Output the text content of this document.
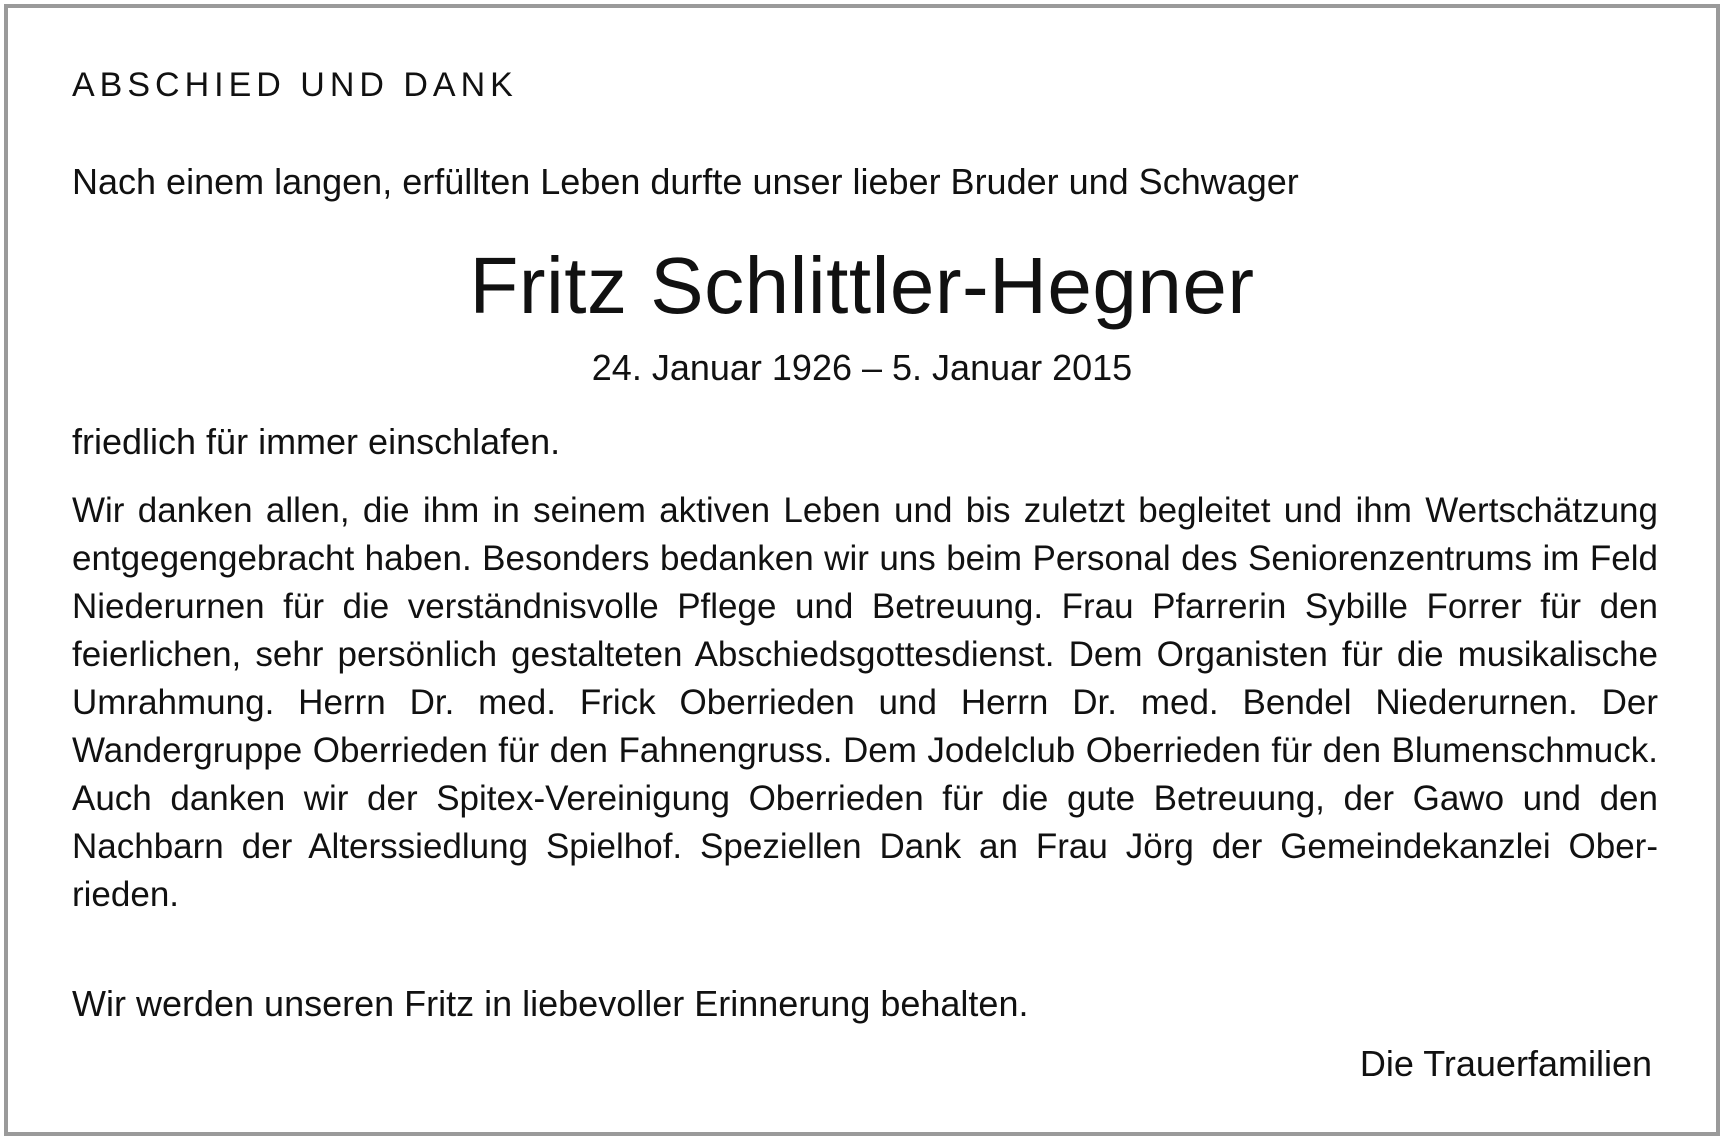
ABSCHIED UND DANK

Nach einem langen, erfüllten Leben durfte unser lieber Bruder und Schwager

Fritz Schlittler-Hegner

24. Januar 1926 – 5. Januar 2015

friedlich für immer einschlafen.

Wir danken allen, die ihm in seinem aktiven Leben und bis zuletzt begleitet und ihm Wertschätzung entgegengebracht haben. Besonders bedanken wir uns beim Personal des Seniorenzentrums im Feld Niederurnen für die verständnisvolle Pflege und Betreuung. Frau Pfarrerin Sybille Forrer für den feierlichen, sehr persönlich gestalteten Abschiedsgottesdienst. Dem Organisten für die musikalische Umrahmung. Herrn Dr. med. Frick Oberrieden und Herrn Dr. med. Bendel Niederurnen. Der Wandergruppe Oberrieden für den Fahnengruss. Dem Jodelclub Oberrieden für den Blumenschmuck. Auch danken wir der Spitex-Vereinigung Oberrieden für die gute Betreuung, der Gawo und den Nachbarn der Alterssiedlung Spielhof. Speziellen Dank an Frau Jörg der Gemeindekanzlei Oberrieden.

Wir werden unseren Fritz in liebevoller Erinnerung behalten.

Die Trauerfamilien
